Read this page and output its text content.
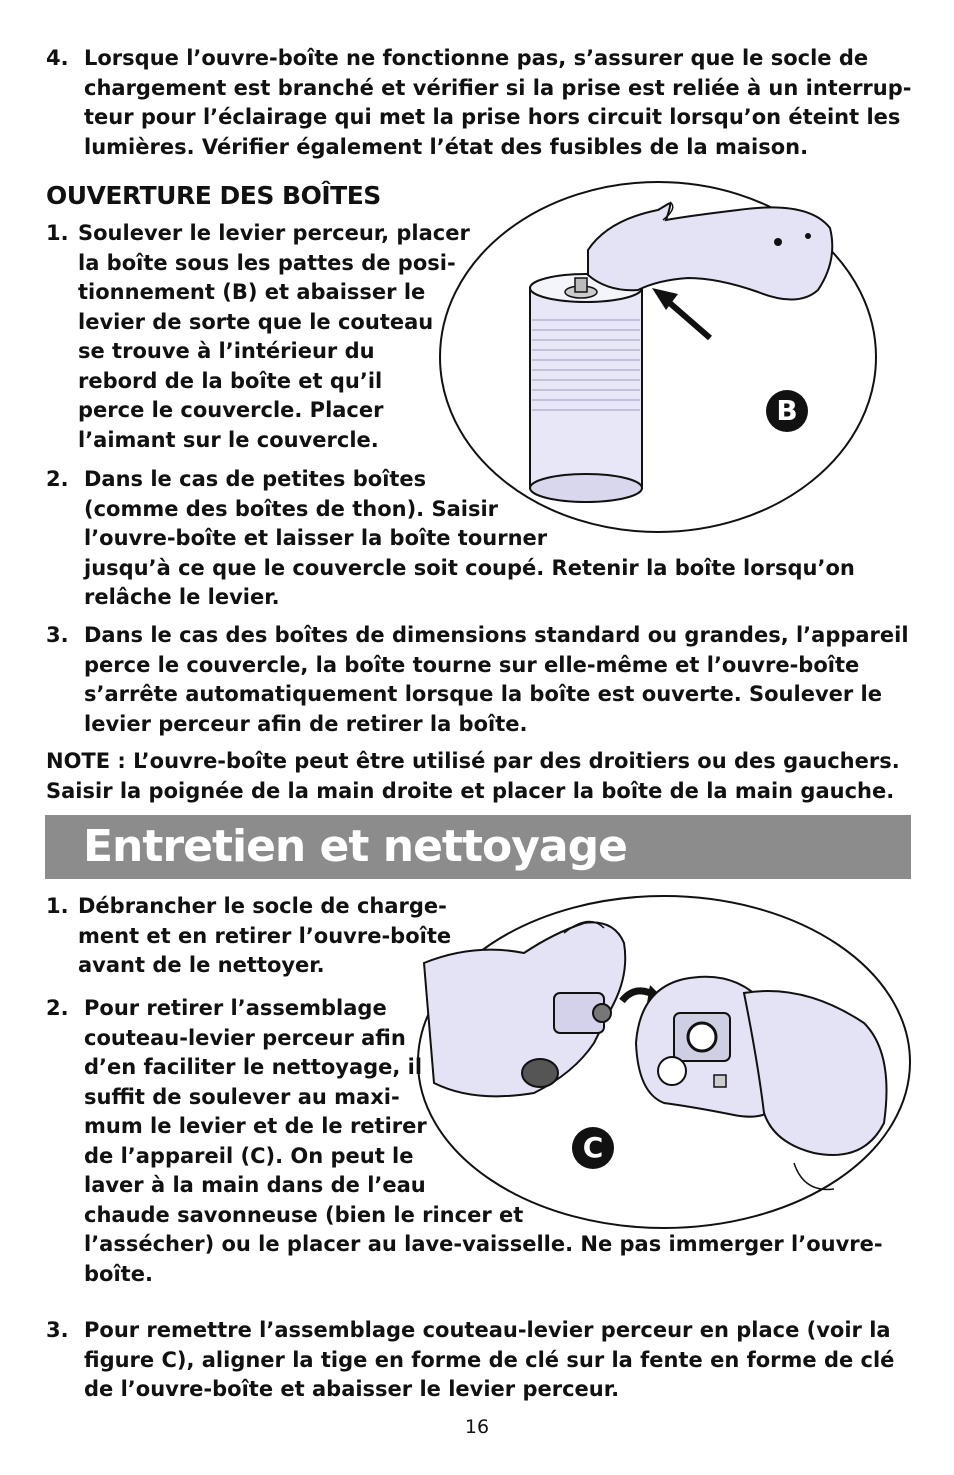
4. Lorsque l’ouvre-boîte ne fonctionne pas, s’assurer que le socle de
chargement est branché et vérifier si la prise est reliée à un interrup-
teur pour l’éclairage qui met la prise hors circuit lorsqu’on éteint les
lumières. Vérifier également l’état des fusibles de la maison.
OUVERTURE DES BOÎTES
B
1. Soulever le levier perceur, placer
la boîte sous les pattes de posi-
tionnement (B) et abaisser le
levier de sorte que le couteau
se trouve à l’intérieur du
rebord de la boîte et qu’il
perce le couvercle. Placer
l’aimant sur le couvercle.
2. Dans le cas de petites boîtes
(comme des boîtes de thon). Saisir
l’ouvre-boîte et laisser la boîte tourner
jusqu’à ce que le couvercle soit coupé. Retenir la boîte lorsqu’on
relâche le levier.
3. Dans le cas des boîtes de dimensions standard ou grandes, l’appareil
perce le couvercle, la boîte tourne sur elle-même et l’ouvre-boîte
s’arrête automatiquement lorsque la boîte est ouverte. Soulever le
levier perceur afin de retirer la boîte.
NOTE : L’ouvre-boîte peut être utilisé par des droitiers ou des gauchers.
Saisir la poignée de la main droite et placer la boîte de la main gauche.
Entretien et nettoyage
C
1. Débrancher le socle de charge-
ment et en retirer l’ouvre-boîte
avant de le nettoyer.
2. Pour retirer l’assemblage
couteau-levier perceur afin
d’en faciliter le nettoyage, il
suffit de soulever au maxi-
mum le levier et de le retirer
de l’appareil (C). On peut le
laver à la main dans de l’eau
chaude savonneuse (bien le rincer et
l’assécher) ou le placer au lave-vaisselle. Ne pas immerger l’ouvre-
boîte.
3. Pour remettre l’assemblage couteau-levier perceur en place (voir la
figure C), aligner la tige en forme de clé sur la fente en forme de clé
de l’ouvre-boîte et abaisser le levier perceur.
16
